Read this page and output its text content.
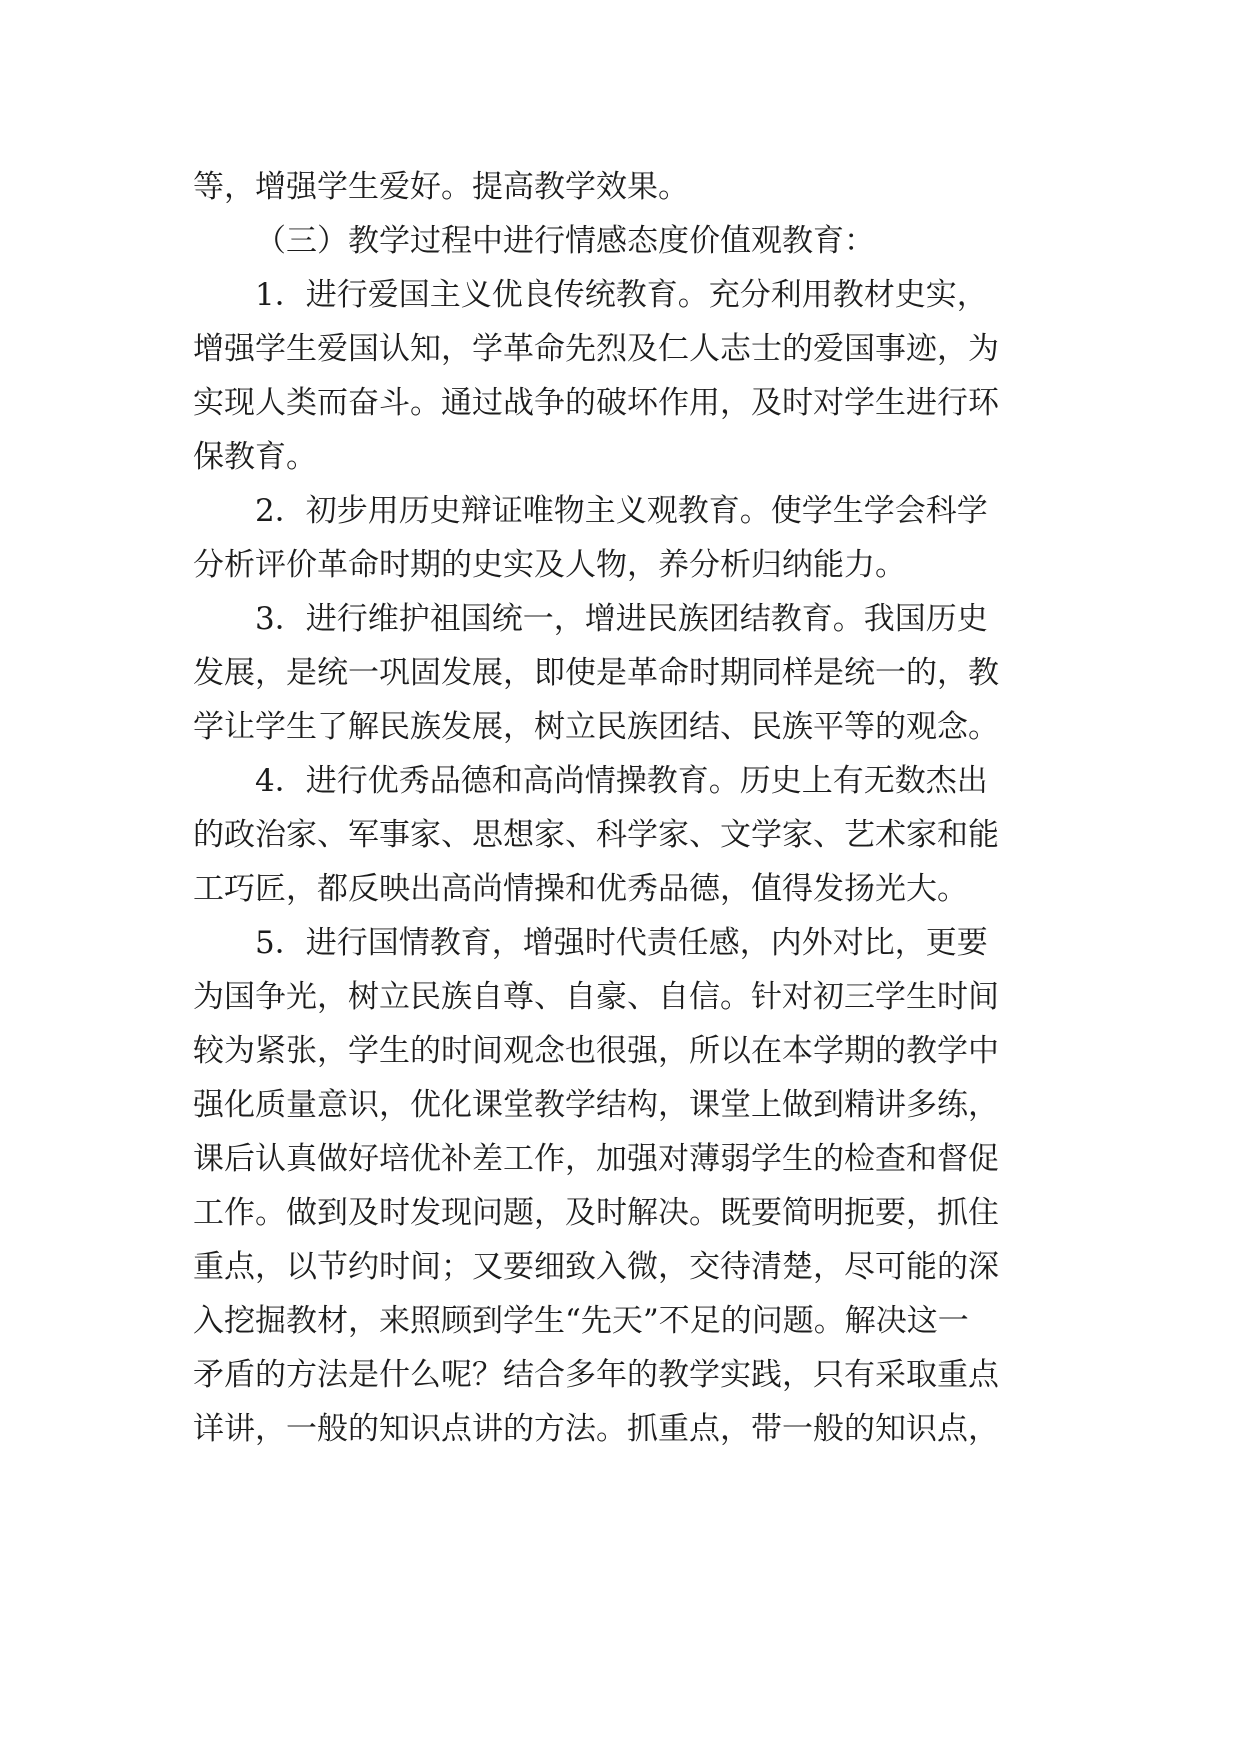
等，增强学生爱好。提高教学效果。
（三）教学过程中进行情感态度价值观教育：
1．进行爱国主义优良传统教育。充分利用教材史实，
增强学生爱国认知，学革命先烈及仁人志士的爱国事迹，为
实现人类而奋斗。通过战争的破坏作用，及时对学生进行环
保教育。
2．初步用历史辩证唯物主义观教育。使学生学会科学
分析评价革命时期的史实及人物，养分析归纳能力。
3．进行维护祖国统一，增进民族团结教育。我国历史
发展，是统一巩固发展，即使是革命时期同样是统一的，教
学让学生了解民族发展，树立民族团结、民族平等的观念。
4．进行优秀品德和高尚情操教育。历史上有无数杰出
的政治家、军事家、思想家、科学家、文学家、艺术家和能
工巧匠，都反映出高尚情操和优秀品德，值得发扬光大。
5．进行国情教育，增强时代责任感，内外对比，更要
为国争光，树立民族自尊、自豪、自信。针对初三学生时间
较为紧张，学生的时间观念也很强，所以在本学期的教学中
强化质量意识，优化课堂教学结构，课堂上做到精讲多练，
课后认真做好培优补差工作，加强对薄弱学生的检查和督促
工作。做到及时发现问题，及时解决。既要简明扼要，抓住
重点，以节约时间；又要细致入微，交待清楚，尽可能的深
入挖掘教材，来照顾到学生“先天”不足的问题。解决这一
矛盾的方法是什么呢？结合多年的教学实践，只有采取重点
详讲，一般的知识点讲的方法。抓重点，带一般的知识点，
